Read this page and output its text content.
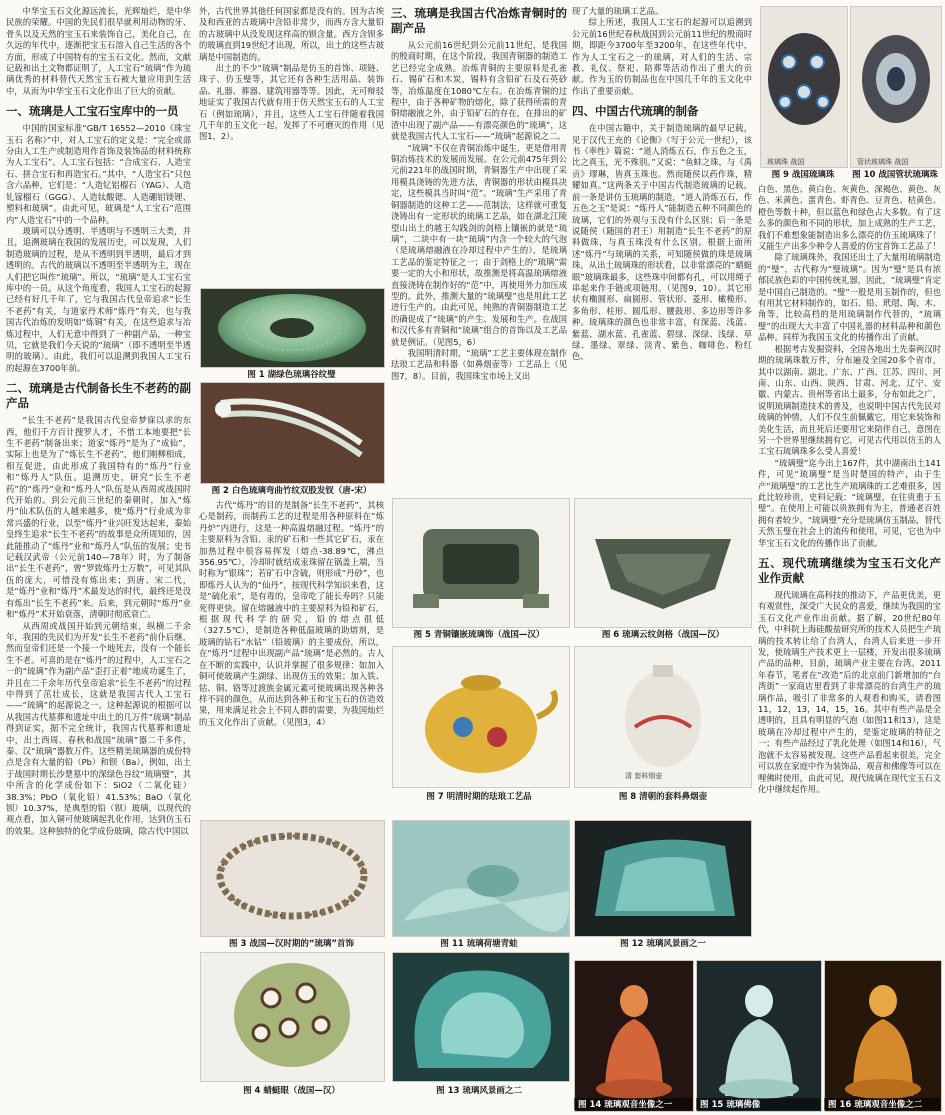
中华宝玉石文化源远流长，光辉灿烂，是中华民族的荣耀。中国的先民们很早就利用动物的牙、骨头以及天然的宝玉石来装饰自己，美化自己，在久远的年代中，逐渐把宝玉石溶入自己生活的各个方面，形成了中国特有的宝玉石文化。然而，文献记载和出土文物都证明了，人工宝石“琉璃”作为琉璃优秀的材料替代天然宝玉石被大量应用到生活中，从而为中华宝玉石文化作出了巨大的贡献。

一、琉璃是人工宝石宝库中的一员

中国的国家标准“GB/T 16552—2010《珠宝玉石 名称》”中，对人工宝石的定义是：“完全或部分由人工生产或制造用作首饰及装饰品的材料统称为人工宝石”。人工宝石包括：“合成宝石、人造宝石、拼合宝石和再造宝石。”其中，“人造宝石”只包含六品种，它们是：“人造钇铝榴石（YAG）、人造钆镓榴石（GGG）、人造钛酸锶、人造硼铝镁锂、塑料和玻璃”。由此可见，玻璃是“人工宝石”范围内“人造宝石”中的一个品种。

玻璃可以分透明、半透明与不透明三大类，并且，追溯玻璃在我国的发展历史，可以发现，人们制造玻璃的过程，是从不透明到半透明，最后才到透明的。古代的玻璃以不透明至半透明为主，现在人们把它叫作“琉璃”。所以，“琉璃”是人工宝石宝库中的一员。从这个角度看，我国人工宝石的起源已经有好几千年了，它与我国古代皇帝追求“长生不老药”有关，与道家丹术师“炼丹”有关，也与我国古代冶炼的发明如“炼铜”有关，在这些追求与冶炼过程中，人们无意中得到了一种副产品，一种宝贝，它就是我们今天说的“琉璃”（即不透明至半透明的玻璃）。由此，我们可以追溯到我国人工宝石的起源在3700年前。

二、琉璃是古代制备长生不老药的副产品

“长生不老药”是我国古代皇帝梦寐以求的东西，他们千方百计搜罗人才，不惜工本地要把“长生不老药”制备出来；道家“炼丹”是为了“成仙”，实际上也是为了“炼长生不老药”，他们刚柳相成，相互促进，由此形成了我国特有的“炼丹”行业和“炼丹人”队伍。追溯历史，研究“长生不老药”的“炼丹”业和“炼丹人”队伍是从西周或战国时代开始的。到公元前三世纪的秦朝时，加入“炼丹”仙术队伍的人越来越多，使“炼丹”行业成为非常兴盛的行业，以至“炼丹”业兴旺发达起来，秦始皇终生追求“长生不老药”的故事是众所周知的，因此能推动了“炼丹”业和“炼丹人”队伍的发展；史书记载汉武帝（公元前140—78年）时，为了制备出“长生不老药”，曾“罗致炼丹士万数”，可见其队伍的庞大，可惜没有炼出来；到唐、宋二代，是“炼丹”业和“炼丹”术最发达的时代，最终还是没有炼出“长生不老药”来。后来，到元朝时“炼丹”业和“炼丹”术开始衰落，清朝时彻底衰亡。

从西周或战国开始到元朝结束，纵横二千余年，我国的先民们为开发“长生不老药”前仆后继，然而皇帝们还是一个接一个地死去，没有一个能长生不老。可喜的是在“炼丹”的过程中，人工宝石之一的“琉璃”作为副产品“歪打正着”地成功诞生了，并且在二千余年历代皇帝追求“长生不老药”的过程中得到了茁壮成长，这就是我国古代人工宝石——“琉璃”的起源说之一。这种起源说的根据可以从我国古代墓葬和遗址中出土的几万件“琉璃”制品得到证实，据不完全统计，我国古代墓葬和遗址中，出土西周、春秋和战国“琉璃”器二千多件，秦、汉“琉璃”器数万件。这些精美琉璃器的成份特点是含有大量的铅（Pb）和钡（Ba），例如，出土于战国时期长沙楚墓中的深绿色谷纹“琉璃璧”，其中所含的化学成份如下：SiO2（二氧化硅）38.3%；PbO（氧化铅）41.53%；BaO（氧化钡）10.37%，是典型的铅（钡）玻璃，以现代的观点看，加入铜可使玻璃起乳化作用，达到仿玉石的效果。这种独特的化学成份玻璃，除古代中国以

外，古代世界其他任何国家都是没有的。因为古埃及和西亚的古玻璃中含铅非常少，而西方含大量铅的古玻璃中从没发现这样高的钡含量。西方含钡多的玻璃直到19世纪才出现，所以，出土的这些古玻璃是中国制造的。

出土的不少“琉璃”制品是仿玉的首饰、项链、珠子、仿玉璧等，其它还有各种生活用品、装饰品、礼器、葬器、建筑用器等等。因此，无可辩驳地证实了我国古代就有用于仿天然宝玉石的人工宝石（例如琉璃），并且，这些人工宝石伴随着我国几千年的玉文化一起，发挥了不可磨灭的作用（见图1，2）。

图 1 湖绿色琉璃谷纹璧
图 2 白色琉璃弯曲竹纹双股发钗（唐-宋）

古代“炼丹”的目的是制备“长生不老药”，其核心是制药，而制药工艺的过程是用各种原料在“炼丹炉”内进行，这是一种高温熔融过程。“炼丹”的主要原料为含铅、汞的矿石和一些其它矿石，汞在加热过程中很容易挥发（熔点-38.89℃，沸点356.95℃），冷却时就结成汞珠留在锅盖上端，当时称为“银珠”；若矿石中含硫，则形成“丹砂”，也即炼丹人认为的“仙丹”，按现代科学知识来看，这是“硫化汞”，是有毒的，皇帝吃了能长寿吗？只能死得更快。留在熔融液中的主要原料为铅和矿石，根据现代科学的研究，铅的熔点很低（327.5℃），是制造各种低温玻璃的助熔剂，是玻璃的钻石“水钻”（铅玻璃）的主要成份，所以，在“炼丹”过程中出现副产品“琉璃”是必然的。古人在不断的实践中，认识并掌握了很多规律：如加入铜可使玻璃产生湖绿、出现仿玉的效果；加入铁、钴、铜、铬等过渡族金属元素可使玻璃出现各种各样不同的颜色，从而达到各种玉和宝玉石的仿造效果，用来满足社会上不同人群的需要，为我国灿烂的玉文化作出了贡献。（见图3，4）

图 3 战国—汉时期的“琉璃”首饰
图 4 蜻蜓眼（战国—汉）
三、琉璃是我国古代冶炼青铜时的副产品

从公元前16世纪到公元前11世纪，是我国的殷商时期，在这个阶段，我国青铜器的制造工艺已经完全成熟。冶炼青铜的主要原料是孔雀石、锡矿石和木炭，锡料有含铅矿石及石英砂等，冶炼温度在1080℃左右。在冶炼青铜的过程中，由于各种矿物的熔化，除了获得所需的青铜熔融液之外，由于铅矿石的存在，在排出的矿渣中出现了副产品——有漂亮颜色的“琉璃”，这就是我国古代人工宝石——“琉璃”起源说之二。

“琉璃”不仅在青铜冶炼中诞生，更是借用青铜冶炼技术的发展而发展。在公元前475年到公元前221年的战国时期，青铜器生产中出现了采用模具浇铸的先进方法，青铜器的形状由模具决定，这些模具当时叫“范”。“琉璃”生产采用了青铜器制造的这种工艺——范制法，这样就可重复浇铸出有一定形状的琉璃工艺品，如在湖北江陵望山出土的越王勾践剑的剑格上镶嵌的就是“琉璃”，二块中有一块“琉璃”内含一个较大的气泡（是琉璃熔融液在冷却过程中产生的），是琉璃工艺品的鉴定特征之一；由于剑格上的“琉璃”需要一定的大小和形状，故推测是将高温琉璃熔液直接浇铸在制作好的“范”中，再使用外力加压成型的。此外，推测大量的“琉璃璧”也是用此工艺进行生产的。由此可见，纯熟的青铜器制造工艺的确促成了“琉璃”的产生、发展和生产。在战国和汉代多有青铜和“琉璃”组合的首饰以及工艺品就是例证。（见图5，6）

我国明清时期，“琉璃”工艺主要体现在制作珐琅工艺品和料器（如鼻烟壶等）工艺品上（见图7，8）。目前，我国珠宝市场上又出

现了大量的琉璃工艺品。

综上所述，我国人工宝石的起源可以追溯到公元前16世纪春秋战国到公元前11世纪的殷商时期，即距今3700年至3200年，在这些年代中，作为人工宝石之一的琉璃，对人们的生活、宗教、礼仪、祭祀、陪葬等活动作出了重大的贡献。作为玉的仿制品也在中国几千年的玉文化中作出了重要贡献。

四、中国古代琉璃的制备

在中国古籍中，关于制造琉璃的最早记载，见于汉代王充的《论衡》（写于公元一世纪），该书《率性》篇说：“道人消炼五石，作五色之玉，比之真玉，光不殊别。”又说：“鱼蚌之珠，与《禹贡》璆琳，皆真玉珠也。然而随侯以药作珠，精耀如真。”这两条关于中国古代制造琉璃的记载，前一条是讲仿玉琉璃的制造，“道人消炼五石，作五色之玉”是说：“炼丹人”能制造五种不同颜色的琉璃，它们的外观与玉没有什么区别；后一条是说随侯（随国的君王）用制造“长生不老药”的原料做珠，与真玉珠没有什么区别。根据上面所述“炼丹”与琉璃的关系，可知随侯做的珠是琉璃珠。从出土琉璃珠的形状看，以非常漂亮的“蜻蜓眼”玻璃珠最多，这些珠中间都有孔，可以用绳子串起来作手链或项链用。（见图9，10）。其它形状有椭圆形、扁圆形、管状形、菱形、橄榄形、多角形、柱形、圆瓜形、腰鼓形、多边形等许多种。琉璃珠的颜色也非常丰富，有深蓝、浅蓝、紫蓝、湖水蓝、孔雀蓝、碧绿、深绿、浅绿、草绿、墨绿、翠绿、淡青、紫色、咖啡色、粉红色、

图 5 青铜镶嵌琉璃饰（战国—汉）	图 6 琉璃云纹剑格（战国—汉）
图 7 明清时期的珐琅工艺品
清 套料烟壶
图 8 清朝的套料鼻烟壶
图 11 琉璃荷塘青蛙	图 12 琉璃风景画之一
图 13 琉璃风景画之二
玻璃珠 战国
图 9 战国琉璃珠
管状玻璃珠 战国
图 10 战国管状琉璃珠

白色、黑色、黄白色、灰黄色、深褐色、黄色、灰色、米黄色、蛋青色、虾青色、豆青色、桔黄色、橙色等数十种，但以蓝色和绿色占大多数。有了这么多的颜色和不同的形状，加上成熟的生产工艺，我们不难想象能制造出多么漂亮的仿玉琉璃珠了！又能生产出多少种令人喜爱的仿宝首饰工艺品了！

除了琉璃珠外，我国还出土了大量用琉璃制造的“璧”，古代称为“璧琉璃”。因为“璧”是具有浓郁民族色彩的中国传统礼器，因此，“琉璃璧”肯定是中国自己制造的。“璧”一般是用玉制作的，但也有用其它材料制作的，如石、铅、玳瑁、陶、木、角等，比较高档的是用琉璃制作代替的，“琉璃璧”的出现大大丰富了中国礼器的材料品种和颜色品种。同样为我国玉文化的传播作出了贡献。

根据考古发掘资料，全国各地出土先秦两汉时期的琉璃珠数万件，分布遍及全国20多个省市，其中以湖南、湖北、广东、广西、江苏、四川、河南、山东、山西、陕西、甘肃、河北、辽宁、安徽、内蒙古、贵州等省出土最多，分布如此之广，说明琉璃制造技术的普及，也说明中国古代先民对琉璃的钟情，人们不仅生前佩戴它，用它来装饰和美化生活，而且死后还要用它来陪伴自己，意图在另一个世界里继续拥有它，可见古代用以仿玉的人工宝石琉璃珠多么受人喜爱！

“琉璃璧”迄今出土167件，其中湖南出土141件，可见“琉璃璧”是当时楚国的特产，由于生产“琉璃璧”的工艺比生产琉璃珠的工艺难很多，因此比较珍贵，史料记载：“琉璃璧，在往贵重于玉璧”。在使用上可能以贵族拥有为主，普通老百姓拥有者较少。“琉璃璧”充分是琉璃仿玉制品，替代天然玉璧在社会上的流传和使用，可见，它也为中华宝玉石文化的传播作出了贡献。

五、现代琉璃继续为宝玉石文化产业作贡献

现代琉璃在高科技的推动下，产品更优美，更有观赏性，深受广大民众的喜爱，继续为我国的宝玉石文化产业作出贡献。据了解，20世纪80年代，中科院上海硅酸盐研究所的技术人员把生产琉璃的技术转让给了台湾人，台湾人后来进一步开发，使琉璃生产技术更上一层楼，开发出很多琉璃产品的品种，目前，琉璃产业主要在台湾。2011年春节，笔者在“改造”后的北京前门新增加的“台湾街”一家商店里看到了非常漂亮的台湾生产的琉璃作品，吸引了非常多的人观看和购买，请看图11，12，13，14，15，16。其中有些产品是全透明的，且具有明显的气泡（如图11和13），这是玻璃在冷却过程中产生的，是鉴定玻璃的特征之一；有些产品经过了乳化处理（如图14和16），气泡就不太容易被发现。这些产品看起来很美，完全可以放在家庭中作为装饰品，观音和佛像等可以在哩佛时使用，由此可见，现代琉璃在现代宝玉石文化中继续起作用。

图 14 琉璃观音坐像之一	图 15 琉璃佛像	图 16 琉璃观音坐像之二
